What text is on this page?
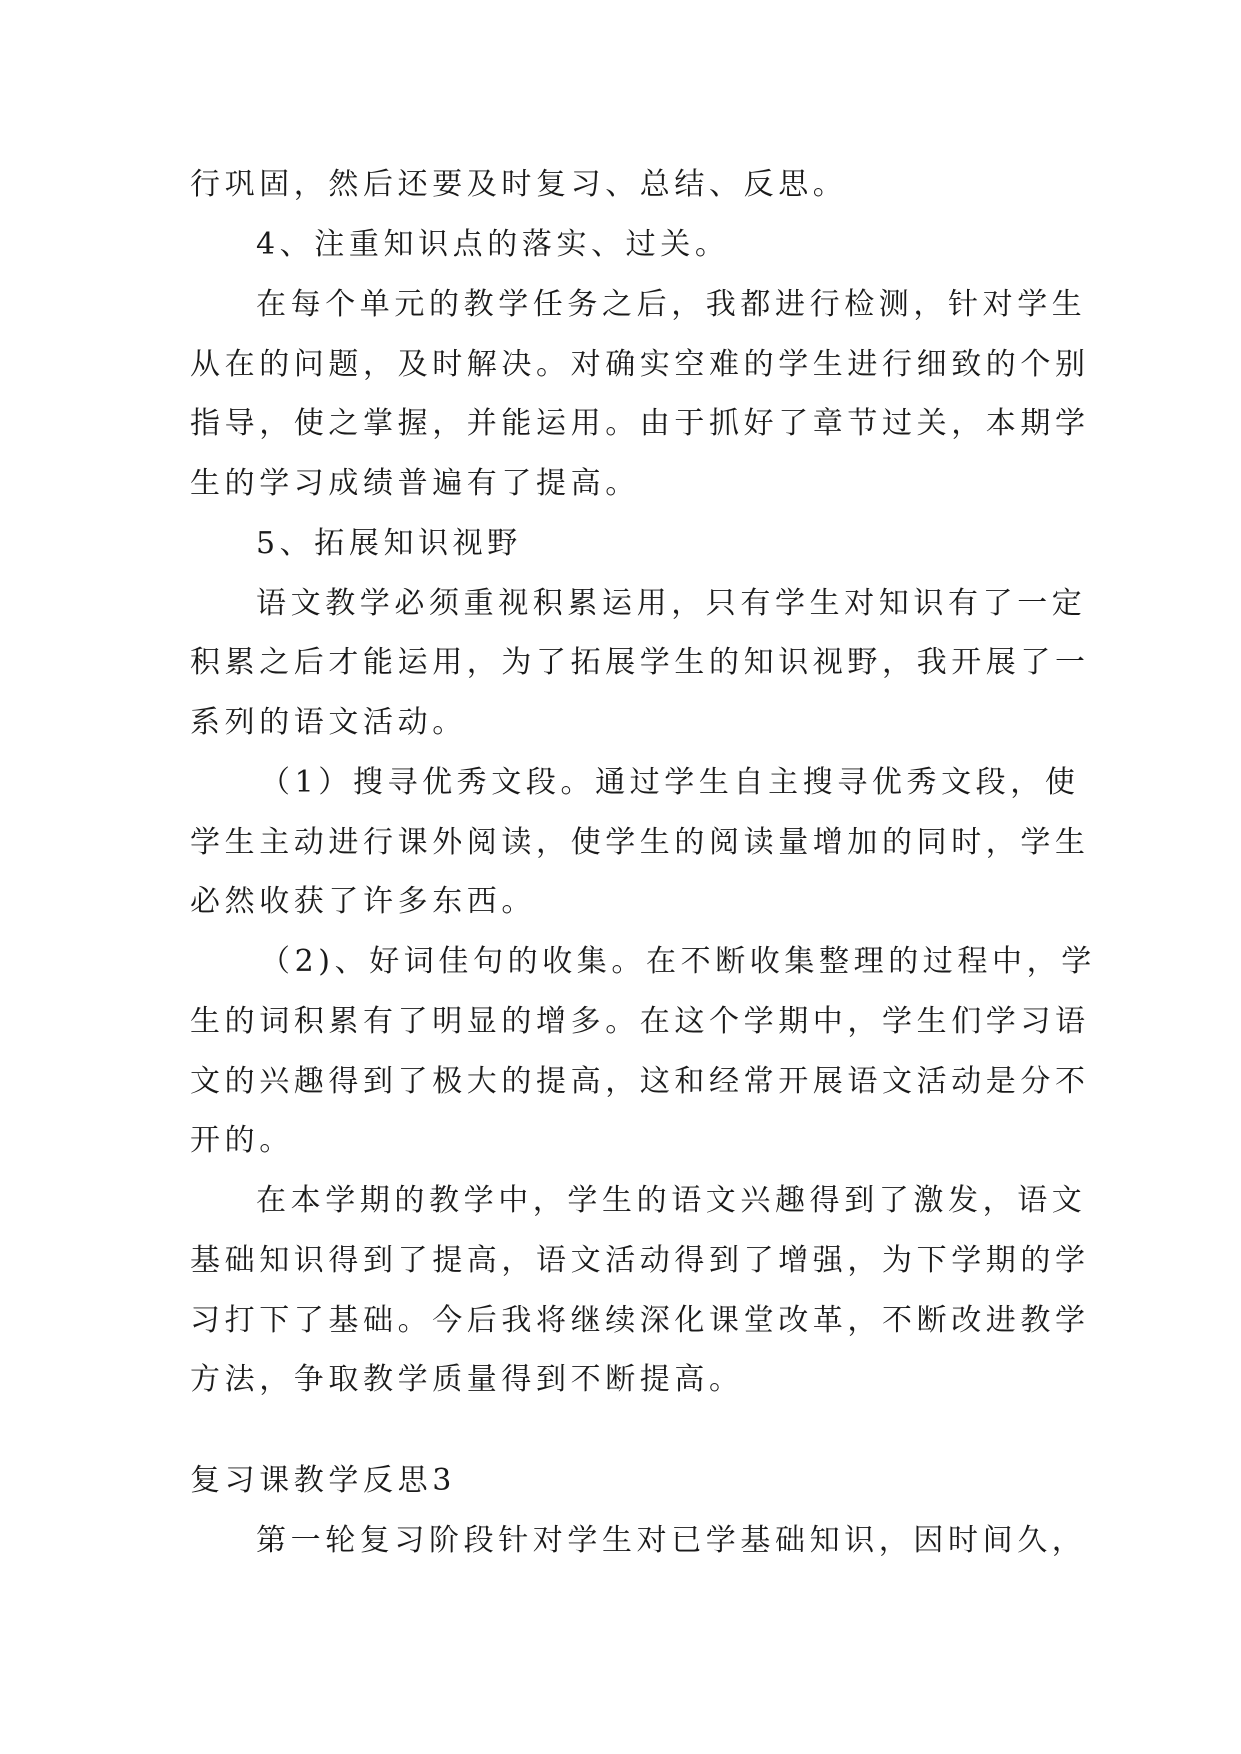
行巩固，然后还要及时复习、总结、反思。
4、注重知识点的落实、过关。
在每个单元的教学任务之后，我都进行检测，针对学生
从在的问题，及时解决。对确实空难的学生进行细致的个别
指导，使之掌握，并能运用。由于抓好了章节过关，本期学
生的学习成绩普遍有了提高。
5、拓展知识视野
语文教学必须重视积累运用，只有学生对知识有了一定
积累之后才能运用，为了拓展学生的知识视野，我开展了一
系列的语文活动。
（1）搜寻优秀文段。通过学生自主搜寻优秀文段，使
学生主动进行课外阅读，使学生的阅读量增加的同时，学生
必然收获了许多东西。
（2)、好词佳句的收集。在不断收集整理的过程中，学
生的词积累有了明显的增多。在这个学期中，学生们学习语
文的兴趣得到了极大的提高，这和经常开展语文活动是分不
开的。
在本学期的教学中，学生的语文兴趣得到了激发，语文
基础知识得到了提高，语文活动得到了增强，为下学期的学
习打下了基础。今后我将继续深化课堂改革，不断改进教学
方法，争取教学质量得到不断提高。
复习课教学反思3
第一轮复习阶段针对学生对已学基础知识，因时间久，
